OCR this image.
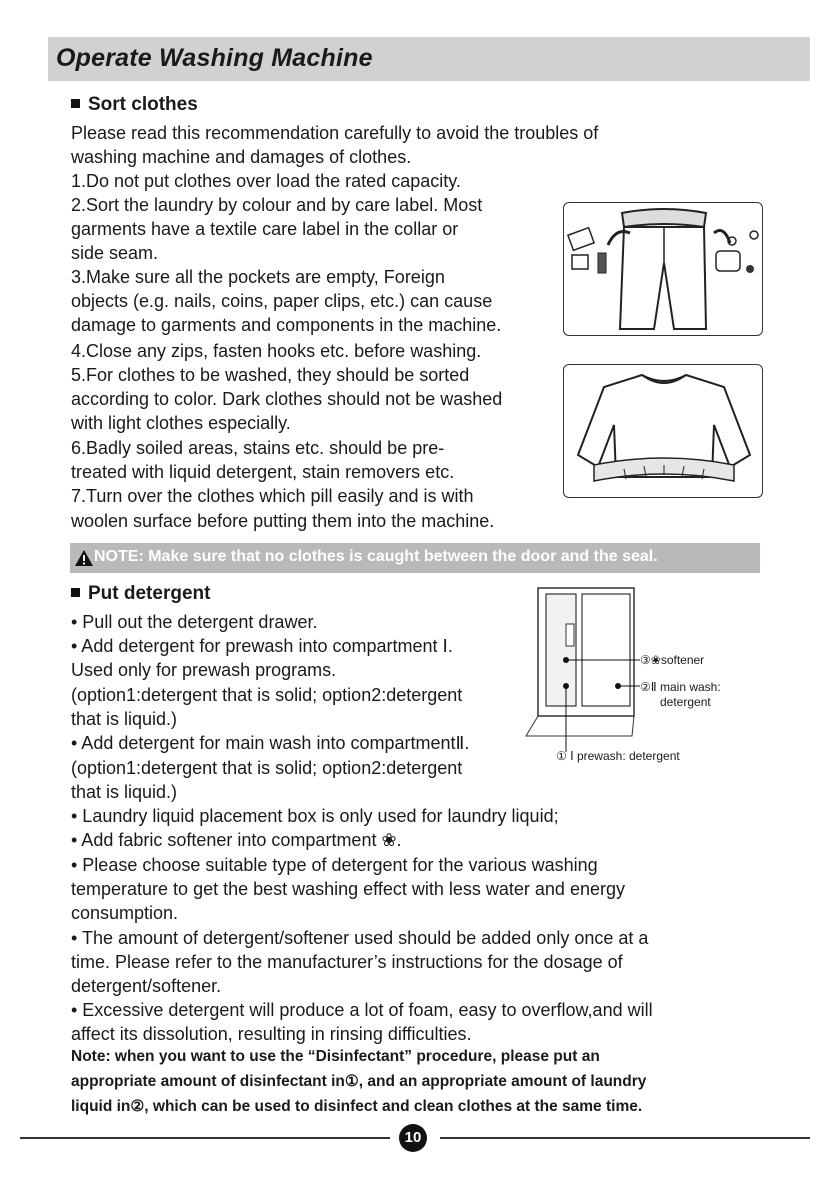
Operate Washing Machine
Sort clothes
Please read this recommendation carefully to avoid the troubles of
washing machine and damages of clothes.
1.Do not put clothes over load the rated capacity.
2.Sort the laundry by colour and by care label. Most
garments have a textile care label in the collar or
side seam.
3.Make sure all the pockets are empty, Foreign
objects (e.g. nails, coins, paper clips, etc.) can cause
damage to garments and components in the machine.
4.Close any zips, fasten hooks etc. before washing.
5.For clothes to be washed, they should be sorted
according to color. Dark clothes should not be washed
with light clothes especially.
6.Badly soiled areas, stains etc. should be pre-
treated with liquid detergent, stain removers etc.
7.Turn over the clothes which pill easily and is with
woolen surface before putting them into the machine.
NOTE: Make sure that no clothes is caught between the door and the seal.
Put detergent
• Pull out the detergent drawer.
• Add detergent for prewash into compartment Ⅰ.
Used only for prewash programs.
(option1:detergent that is solid; option2:detergent
that is liquid.)
• Add detergent for main wash into compartmentⅡ.
(option1:detergent that is solid; option2:detergent
that is liquid.)
• Laundry liquid placement box is only used for laundry liquid;
• Add fabric softener into compartment ❀.
• Please choose suitable type of detergent for the various washing
temperature to get the best washing effect with less water and energy
consumption.
• The amount of detergent/softener used should be added only once at a
time. Please refer to the manufacturer’s instructions for the dosage of
detergent/softener.
• Excessive detergent will produce a lot of foam, easy to overflow,and will
affect its dissolution, resulting in rinsing difficulties.
③❀softener
②Ⅱ main wash:
detergent
① Ⅰ prewash: detergent
Note: when you want to use the “Disinfectant” procedure, please put an
appropriate amount of disinfectant in①, and an appropriate amount of laundry
liquid in②, which can be used to disinfect and clean clothes at the same time.
10
